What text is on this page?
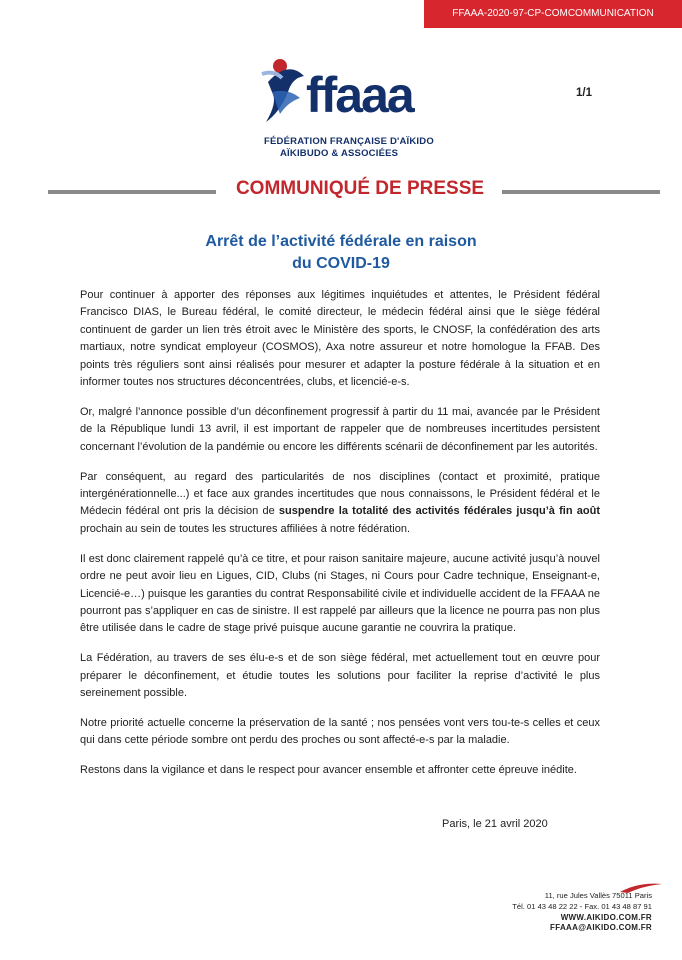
FFAAA-2020-97-CP-COMCOMMUNICATION
ffaaa
FÉDÉRATION FRANÇAISE D'AÏKIDO
AÏKIBUDO & ASSOCIÉES
1/1
COMMUNIQUÉ DE PRESSE
Arrêt de l’activité fédérale en raison
du COVID-19

Pour continuer à apporter des réponses aux légitimes inquiétudes et attentes, le Président fédéral Francisco DIAS, le Bureau fédéral, le comité directeur, le médecin fédéral ainsi que le siège fédéral continuent de garder un lien très étroit avec le Ministère des sports, le CNOSF, la confédération des arts martiaux, notre syndicat employeur (COSMOS), Axa notre assureur et notre homologue la FFAB. Des points très réguliers sont ainsi réalisés pour mesurer et adapter la posture fédérale à la situation et en informer toutes nos structures déconcentrées, clubs, et licencié-e-s.

Or, malgré l’annonce possible d’un déconfinement progressif à partir du 11 mai, avancée par le Président de la République lundi 13 avril, il est important de rappeler que de nombreuses incertitudes persistent concernant l’évolution de la pandémie ou encore les différents scénarii de déconfinement par les autorités.

Par conséquent, au regard des particularités de nos disciplines (contact et proximité, pratique intergénérationnelle...) et face aux grandes incertitudes que nous connaissons, le Président fédéral et le Médecin fédéral ont pris la décision de suspendre la totalité des activités fédérales jusqu’à fin août prochain au sein de toutes les structures affiliées à notre fédération.

Il est donc clairement rappelé qu’à ce titre, et pour raison sanitaire majeure, aucune activité jusqu’à nouvel ordre ne peut avoir lieu en Ligues, CID, Clubs (ni Stages, ni Cours pour Cadre technique, Enseignant-e, Licencié-e…) puisque les garanties du contrat Responsabilité civile et individuelle accident de la FFAAA ne pourront pas s’appliquer en cas de sinistre. Il est rappelé par ailleurs que la licence ne pourra pas non plus être utilisée dans le cadre de stage privé puisque aucune garantie ne couvrira la pratique.

La Fédération, au travers de ses élu-e-s et de son siège fédéral, met actuellement tout en œuvre pour préparer le déconfinement, et étudie toutes les solutions pour faciliter la reprise d’activité le plus sereinement possible.

Notre priorité actuelle concerne la préservation de la santé ; nos pensées vont vers tou-te-s celles et ceux qui dans cette période sombre ont perdu des proches ou sont affecté-e-s par la maladie.

Restons dans la vigilance et dans le respect pour avancer ensemble et affronter cette épreuve inédite.

Paris, le 21 avril 2020
11, rue Jules Vallès 75011 Paris
Tél. 01 43 48 22 22 - Fax. 01 43 48 87 91
WWW.AIKIDO.COM.FR
FFAAA@AIKIDO.COM.FR
